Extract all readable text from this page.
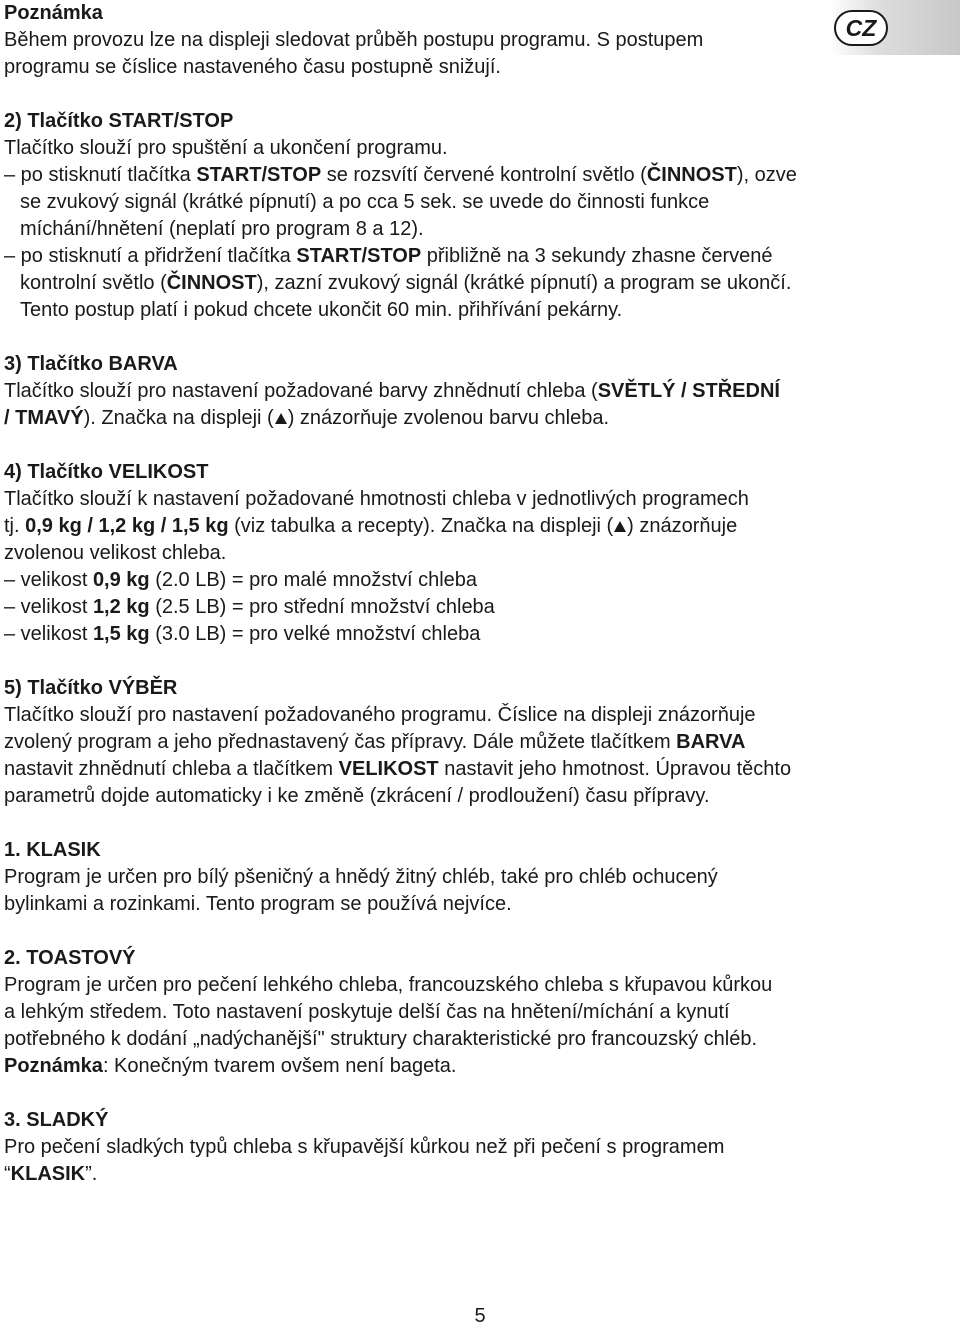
CZ
Poznámka
Během provozu lze na displeji sledovat průběh postupu programu. S postupem
programu se číslice nastaveného času postupně snižují.
2) Tlačítko START/STOP
Tlačítko slouží pro spuštění a ukončení programu.
– po stisknutí tlačítka START/STOP se rozsvítí červené kontrolní světlo (ČINNOST), ozve
se zvukový signál (krátké pípnutí) a po cca 5 sek. se uvede do činnosti funkce
míchání/hnětení (neplatí pro program 8 a 12).
– po stisknutí a přidržení tlačítka START/STOP přibližně na 3 sekundy zhasne červené
kontrolní světlo (ČINNOST), zazní zvukový signál (krátké pípnutí) a program se ukončí.
Tento postup platí i pokud chcete ukončit 60 min. přihřívání pekárny.
3) Tlačítko BARVA
Tlačítko slouží pro nastavení požadované barvy zhnědnutí chleba (SVĚTLÝ / STŘEDNÍ
/ TMAVÝ). Značka na displeji ( ) znázorňuje zvolenou barvu chleba.
4) Tlačítko VELIKOST
Tlačítko slouží k nastavení požadované hmotnosti chleba v jednotlivých programech
tj. 0,9 kg / 1,2 kg / 1,5 kg (viz tabulka a recepty). Značka na displeji ( ) znázorňuje
zvolenou velikost chleba.
– velikost 0,9 kg (2.0 LB) = pro malé množství chleba
– velikost 1,2 kg (2.5 LB) = pro střední množství chleba
– velikost 1,5 kg (3.0 LB) = pro velké množství chleba
5) Tlačítko VÝBĚR
Tlačítko slouží pro nastavení požadovaného programu. Číslice na displeji znázorňuje
zvolený program a jeho přednastavený čas přípravy. Dále můžete tlačítkem BARVA
nastavit zhnědnutí chleba a tlačítkem VELIKOST nastavit jeho hmotnost. Úpravou těchto
parametrů dojde automaticky i ke změně (zkrácení / prodloužení) času přípravy.
1. KLASIK
Program je určen pro bílý pšeničný a hnědý žitný chléb, také pro chléb ochucený
bylinkami a rozinkami. Tento program se používá nejvíce.
2. TOASTOVÝ
Program je určen pro pečení lehkého chleba, francouzského chleba s křupavou kůrkou
a lehkým středem. Toto nastavení poskytuje delší čas na hnětení/míchání a kynutí
potřebného k dodání „nadýchanější" struktury charakteristické pro francouzský chléb.
Poznámka: Konečným tvarem ovšem není bageta.
3. SLADKÝ
Pro pečení sladkých typů chleba s křupavější kůrkou než při pečení s programem
“KLASIK”.
5
